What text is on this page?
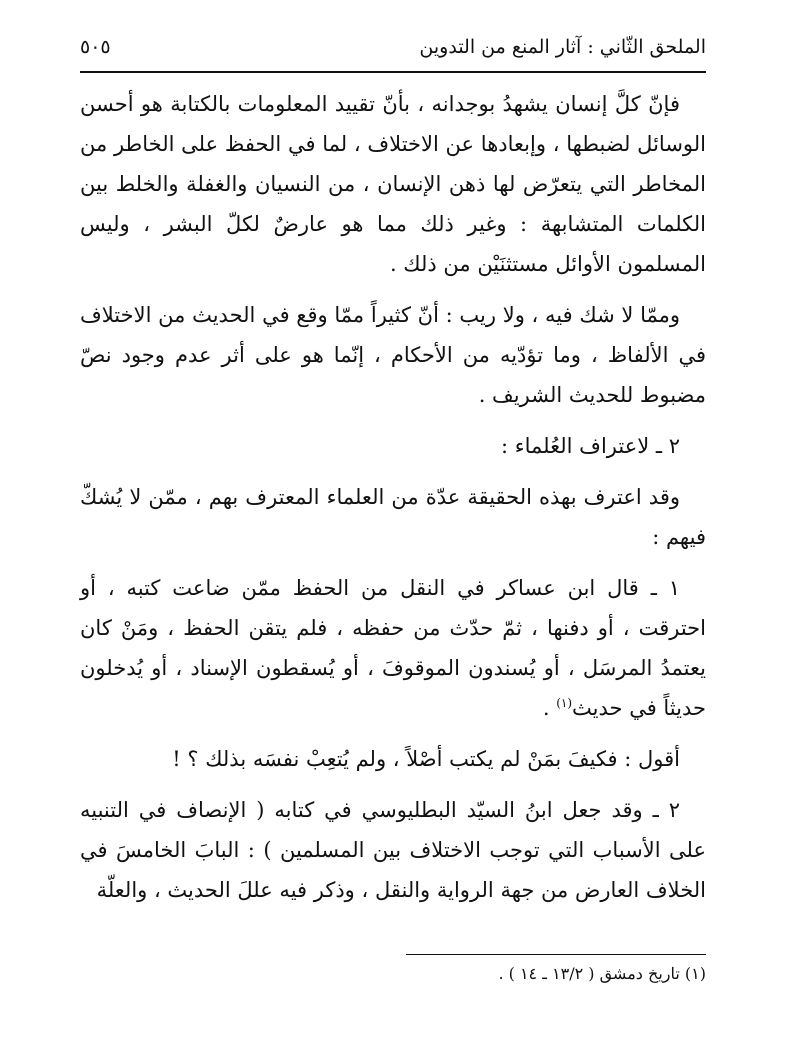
الملحق الثّاني : آثار المنع من التدوين
٥٠٥

فإنّ كلَّ إنسان يشهدُ بوجدانه ، بأنّ تقييد المعلومات بالكتابة هو أحسن الوسائل لضبطها ، وإبعادها عن الاختلاف ، لما في الحفظ على الخاطر من المخاطر التي يتعرّض لها ذهن الإنسان ، من النسيان والغفلة والخلط بين الكلمات المتشابهة : وغير ذلك مما هو عارضٌ لكلّ البشر ، وليس المسلمون الأوائل مستثنَيْن من ذلك .

وممّا لا شك فيه ، ولا ريب : أنّ كثيراً ممّا وقع في الحديث من الاختلاف في الألفاظ ، وما تؤدّيه من الأحكام ، إنّما هو على أثر عدم وجود نصّ مضبوط للحديث الشريف .

٢ ـ لاعتراف العُلماء :

وقد اعترف بهذه الحقيقة عدّة من العلماء المعترف بهم ، ممّن لا يُشكّ فيهم :

١ ـ قال ابن عساكر في النقل من الحفظ ممّن ضاعت كتبه ، أو احترقت ، أو دفنها ، ثمّ حدّث من حفظه ، فلم يتقن الحفظ ، ومَنْ كان يعتمدُ المرسَل ، أو يُسندون الموقوفَ ، أو يُسقطون الإسناد ، أو يُدخلون حديثاً في حديث$^{(١)}$ .

أقول : فكيفَ بمَنْ لم يكتب أصْلاً ، ولم يُتعِبْ نفسَه بذلك ؟ !

٢ ـ وقد جعل ابنُ السيّد البطليوسي في كتابه ( الإنصاف في التنبيه على الأسباب التي توجب الاختلاف بين المسلمين ) : البابَ الخامسَ في الخلاف العارض من جهة الرواية والنقل ، وذكر فيه عللَ الحديث ، والعلّة

(١) تاريخ دمشق ( ١٣/٢ ـ ١٤ ) .
